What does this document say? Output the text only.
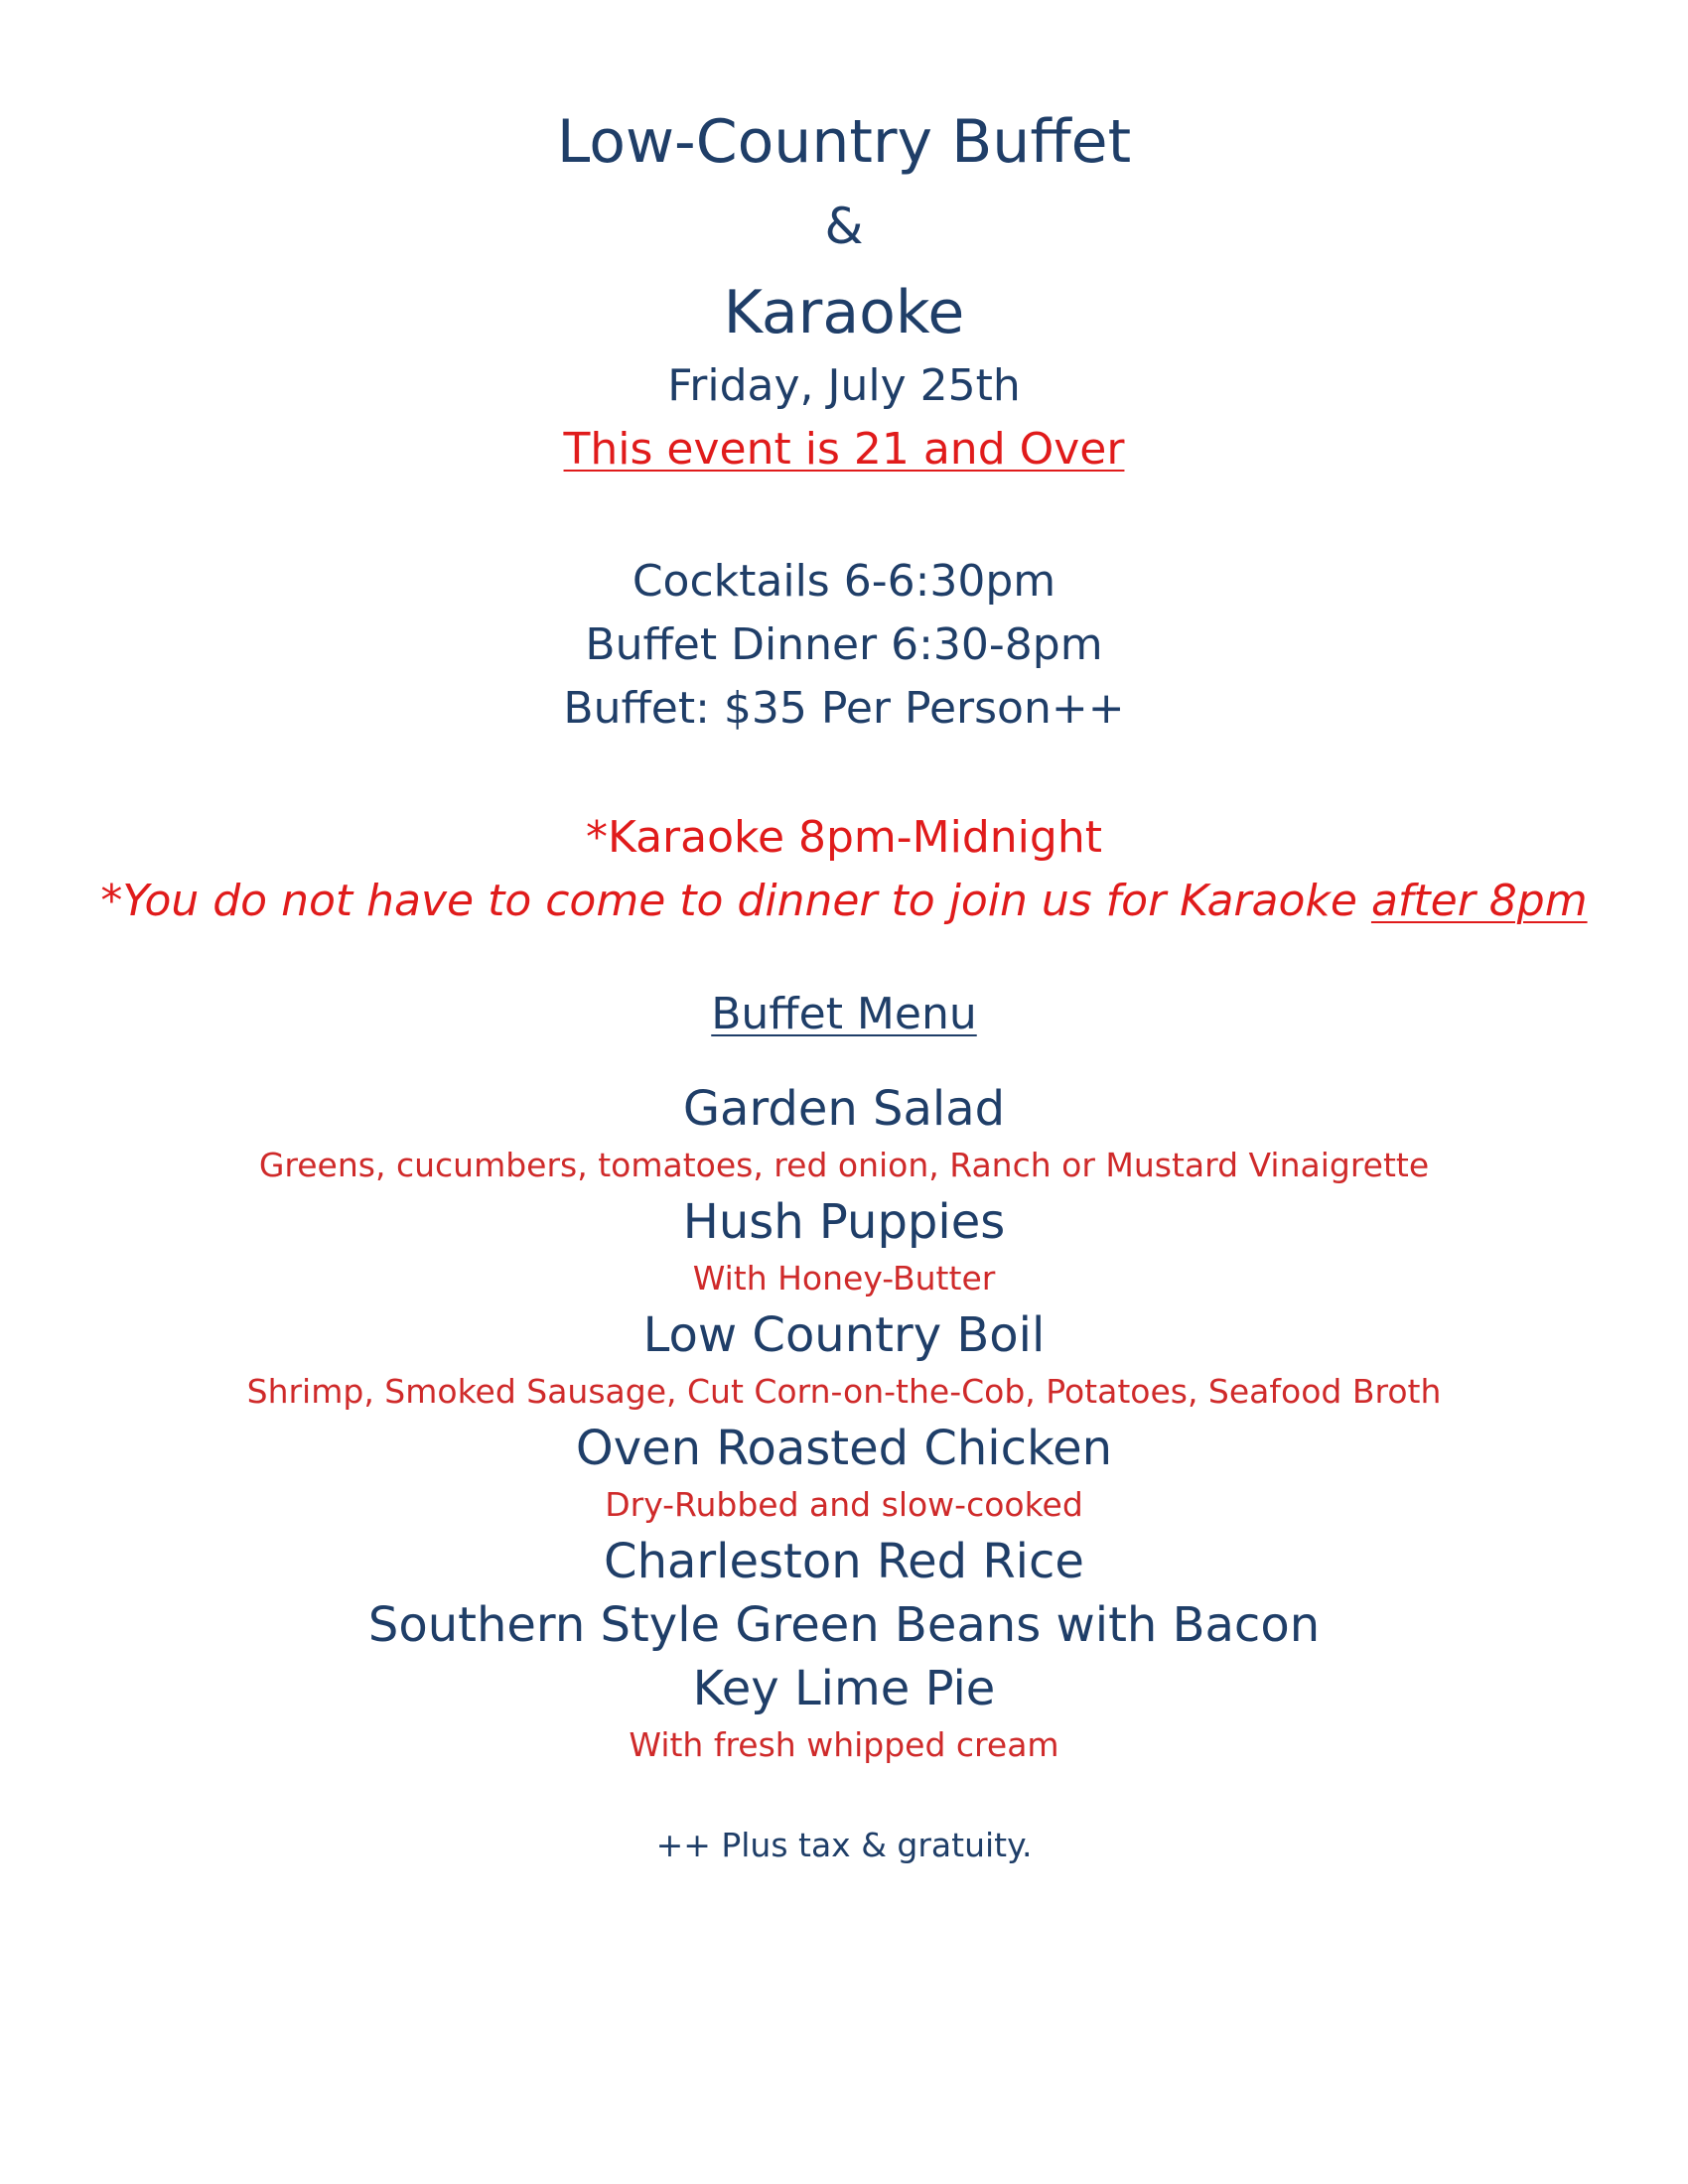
Low-Country Buffet
&
Karaoke
Friday, July 25th
This event is 21 and Over
Cocktails 6-6:30pm
Buffet Dinner 6:30-8pm
Buffet: $35 Per Person++
*Karaoke 8pm-Midnight
*You do not have to come to dinner to join us for Karaoke after 8pm
Buffet Menu
Garden Salad
Greens, cucumbers, tomatoes, red onion, Ranch or Mustard Vinaigrette
Hush Puppies
With Honey-Butter
Low Country Boil
Shrimp, Smoked Sausage, Cut Corn-on-the-Cob, Potatoes, Seafood Broth
Oven Roasted Chicken
Dry-Rubbed and slow-cooked
Charleston Red Rice
Southern Style Green Beans with Bacon
Key Lime Pie
With fresh whipped cream
++ Plus tax & gratuity.
